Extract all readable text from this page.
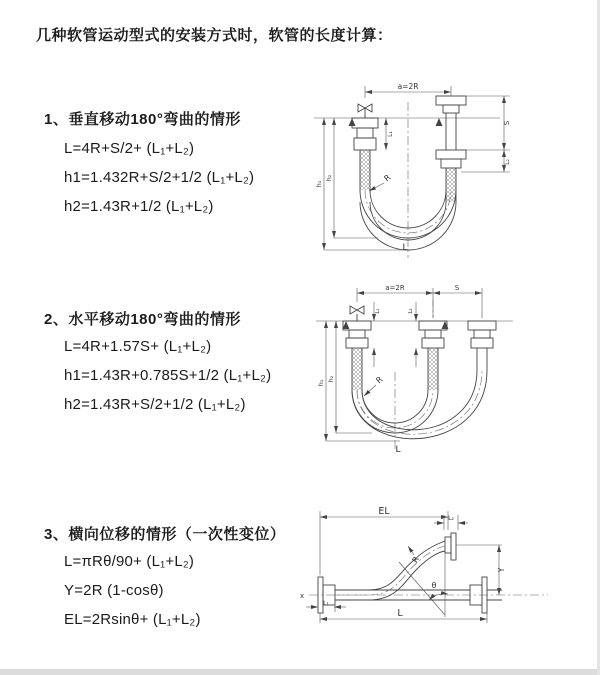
几种软管运动型式的安装方式时，软管的长度计算：
1、垂直移动180°弯曲的情形
L=4R+S/2+ (L₁+L₂)
h1=1.432R+S/2+1/2 (L₁+L₂)
h2=1.43R+1/2 (L₁+L₂)
2、水平移动180°弯曲的情形
L=4R+1.57S+ (L₁+L₂)
h1=1.43R+0.785S+1/2 (L₁+L₂)
h2=1.43R+S/2+1/2 (L₁+L₂)
3、横向位移的情形（一次性变位）
L=πRθ/90+ (L₁+L₂)
Y=2R (1-cosθ)
EL=2Rsinθ+ (L₁+L₂)
a=2R
h₁
h₂
L₁
S
L₂
R
L
a=2R	S
h₁
h₂
L₁	L₂
R
L
x
EL
L₂
Y
θ
R
L₁
L
